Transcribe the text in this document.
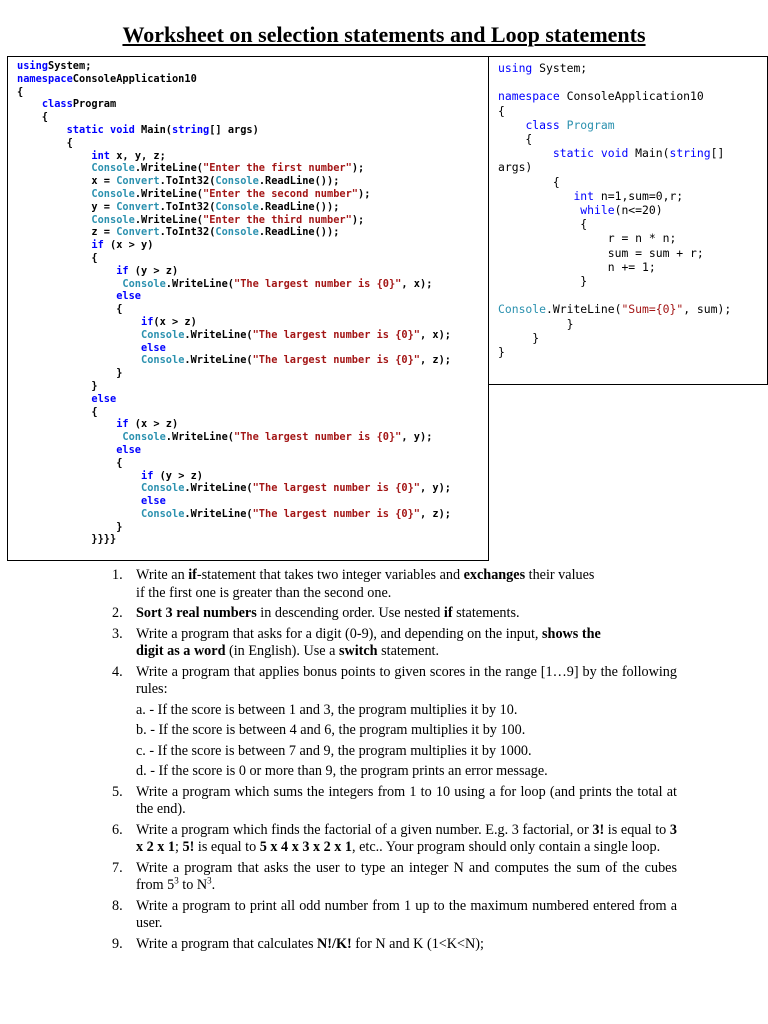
Worksheet on selection statements and Loop statements
usingSystem;
namespaceConsoleApplication10
{
classProgram
{
static void Main(string[] args)
{
int x, y, z;
Console.WriteLine("Enter the first number");
x = Convert.ToInt32(Console.ReadLine());
Console.WriteLine("Enter the second number");
y = Convert.ToInt32(Console.ReadLine());
Console.WriteLine("Enter the third number");
z = Convert.ToInt32(Console.ReadLine());
if (x > y)
{
if (y > z)
Console.WriteLine("The largest number is {0}", x);
else
{
if(x > z)
Console.WriteLine("The largest number is {0}", x);
else
Console.WriteLine("The largest number is {0}", z);
}
}
else
{
if (x > z)
Console.WriteLine("The largest number is {0}", y);
else
{
if (y > z)
Console.WriteLine("The largest number is {0}", y);
else
Console.WriteLine("The largest number is {0}", z);
}
}}}}
using System;

namespace ConsoleApplication10
{
class Program
{
static void Main(string[]
args)
{
int n=1,sum=0,r;
while(n<=20)
{
r = n * n;
sum = sum + r;
n += 1;
}

Console.WriteLine("Sum={0}", sum);
}
}
}
1. Write an if-statement that takes two integer variables and exchanges their values
if the first one is greater than the second one.
2. Sort 3 real numbers in descending order. Use nested if statements.
3. Write a program that asks for a digit (0-9), and depending on the input, shows the
digit as a word (in English). Use a switch statement.
4. Write a program that applies bonus points to given scores in the range [1…9] by the following rules:
a. - If the score is between 1 and 3, the program multiplies it by 10.
b. - If the score is between 4 and 6, the program multiplies it by 100.
c. - If the score is between 7 and 9, the program multiplies it by 1000.
d. - If the score is 0 or more than 9, the program prints an error message.
5. Write a program which sums the integers from 1 to 10 using a for loop (and prints the total at the end).
6. Write a program which finds the factorial of a given number. E.g. 3 factorial, or 3! is equal to 3 x 2 x 1; 5! is equal to 5 x 4 x 3 x 2 x 1, etc.. Your program should only contain a single loop.
7. Write a program that asks the user to type an integer N and computes the sum of the cubes from $5^3$ to $N^3$.
8. Write a program to print all odd number from 1 up to the maximum numbered entered from a user.
9. Write a program that calculates N!/K! for N and K (1<K<N);
